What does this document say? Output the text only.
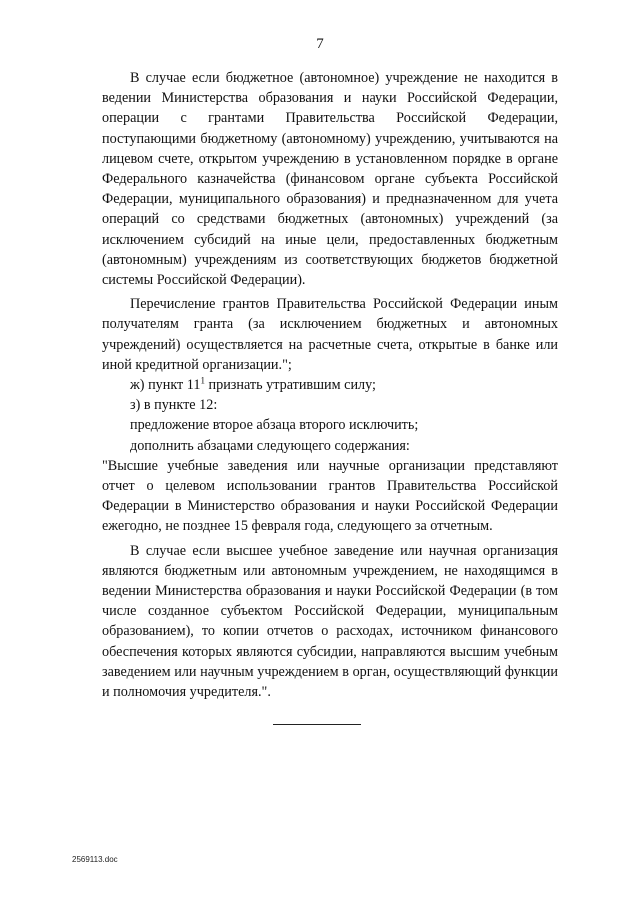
7

В случае если бюджетное (автономное) учреждение не находится в ведении Министерства образования и науки Российской Федерации, операции с грантами Правительства Российской Федерации, поступающими бюджетному (автономному) учреждению, учитываются на лицевом счете, открытом учреждению в установленном порядке в органе Федерального казначейства (финансовом органе субъекта Российской Федерации, муниципального образования) и предназначенном для учета операций со средствами бюджетных (автономных) учреждений (за исключением субсидий на иные цели, предоставленных бюджетным (автономным) учреждениям из соответствующих бюджетов бюджетной системы Российской Федерации).

Перечисление грантов Правительства Российской Федерации иным получателям гранта (за исключением бюджетных и автономных учреждений) осуществляется на расчетные счета, открытые в банке или иной кредитной организации.";

ж) пункт $11^1$ признать утратившим силу;

з) в пункте 12:

предложение второе абзаца второго исключить;

дополнить абзацами следующего содержания:

"Высшие учебные заведения или научные организации представляют отчет о целевом использовании грантов Правительства Российской Федерации в Министерство образования и науки Российской Федерации ежегодно, не позднее 15 февраля года, следующего за отчетным.

В случае если высшее учебное заведение или научная организация являются бюджетным или автономным учреждением, не находящимся в ведении Министерства образования и науки Российской Федерации (в том числе созданное субъектом Российской Федерации, муниципальным образованием), то копии отчетов о расходах, источником финансового обеспечения которых являются субсидии, направляются высшим учебным заведением или научным учреждением в орган, осуществляющий функции и полномочия учредителя.".

2569113.doc
